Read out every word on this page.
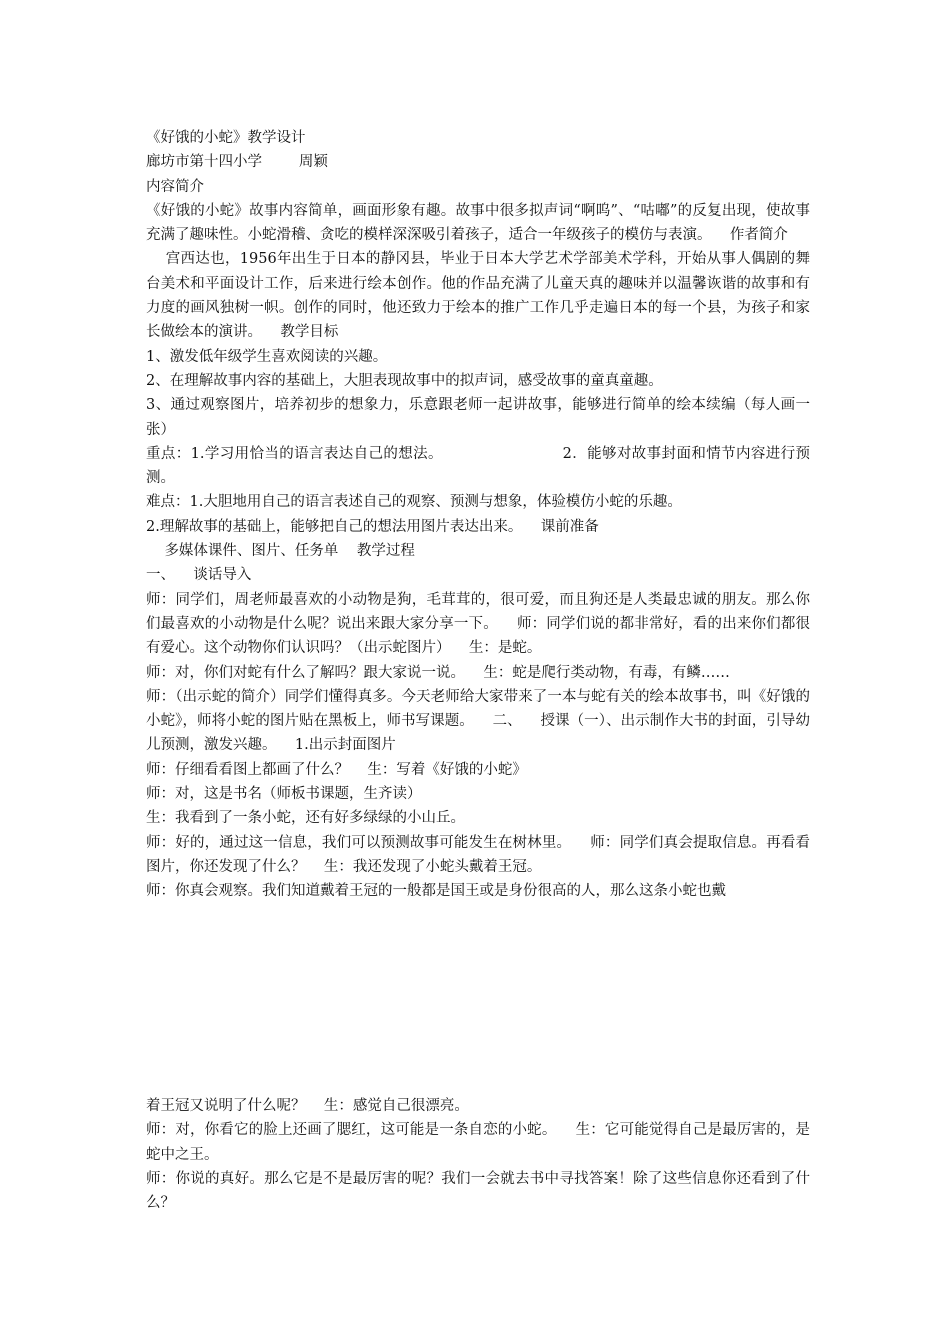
《好饿的小蛇》教学设计

廊坊市第十四小学        周颖

内容简介

《好饿的小蛇》故事内容简单，画面形象有趣。故事中很多拟声词“啊呜”、“咕嘟”的反复出现，使故事充满了趣味性。小蛇滑稽、贪吃的模样深深吸引着孩子，适合一年级孩子的模仿与表演。    作者简介

宫西达也，1956年出生于日本的静冈县，毕业于日本大学艺术学部美术学科，开始从事人偶剧的舞台美术和平面设计工作，后来进行绘本创作。他的作品充满了儿童天真的趣味并以温馨诙谐的故事和有力度的画风独树一帜。创作的同时，他还致力于绘本的推广工作几乎走遍日本的每一个县，为孩子和家长做绘本的演讲。    教学目标

1、激发低年级学生喜欢阅读的兴趣。

2、在理解故事内容的基础上，大胆表现故事中的拟声词，感受故事的童真童趣。

3、通过观察图片，培养初步的想象力，乐意跟老师一起讲故事，能够进行简单的绘本续编（每人画一张）

重点：1.学习用恰当的语言表达自己的想法。                        2．能够对故事封面和情节内容进行预测。

难点：1.大胆地用自己的语言表述自己的观察、预测与想象，体验模仿小蛇的乐趣。

2.理解故事的基础上，能够把自己的想法用图片表达出来。    课前准备

多媒体课件、图片、任务单    教学过程

一、    谈话导入

师：同学们，周老师最喜欢的小动物是狗，毛茸茸的，很可爱，而且狗还是人类最忠诚的朋友。那么你们最喜欢的小动物是什么呢？说出来跟大家分享一下。    师：同学们说的都非常好，看的出来你们都很有爱心。这个动物你们认识吗？（出示蛇图片）    生：是蛇。

师：对，你们对蛇有什么了解吗？跟大家说一说。    生：蛇是爬行类动物，有毒，有鳞……

师：（出示蛇的简介）同学们懂得真多。今天老师给大家带来了一本与蛇有关的绘本故事书，叫《好饿的小蛇》，师将小蛇的图片贴在黑板上，师书写课题。    二、    授课（一）、出示制作大书的封面，引导幼儿预测，激发兴趣。    1.出示封面图片

师：仔细看看图上都画了什么？    生：写着《好饿的小蛇》

师：对，这是书名（师板书课题，生齐读）

生：我看到了一条小蛇，还有好多绿绿的小山丘。

师：好的，通过这一信息，我们可以预测故事可能发生在树林里。    师：同学们真会提取信息。再看看图片，你还发现了什么？    生：我还发现了小蛇头戴着王冠。

师：你真会观察。我们知道戴着王冠的一般都是国王或是身份很高的人，那么这条小蛇也戴

着王冠又说明了什么呢？    生：感觉自己很漂亮。

师：对，你看它的脸上还画了腮红，这可能是一条自恋的小蛇。    生：它可能觉得自己是最厉害的，是蛇中之王。

师：你说的真好。那么它是不是最厉害的呢？我们一会就去书中寻找答案！除了这些信息你还看到了什么？
